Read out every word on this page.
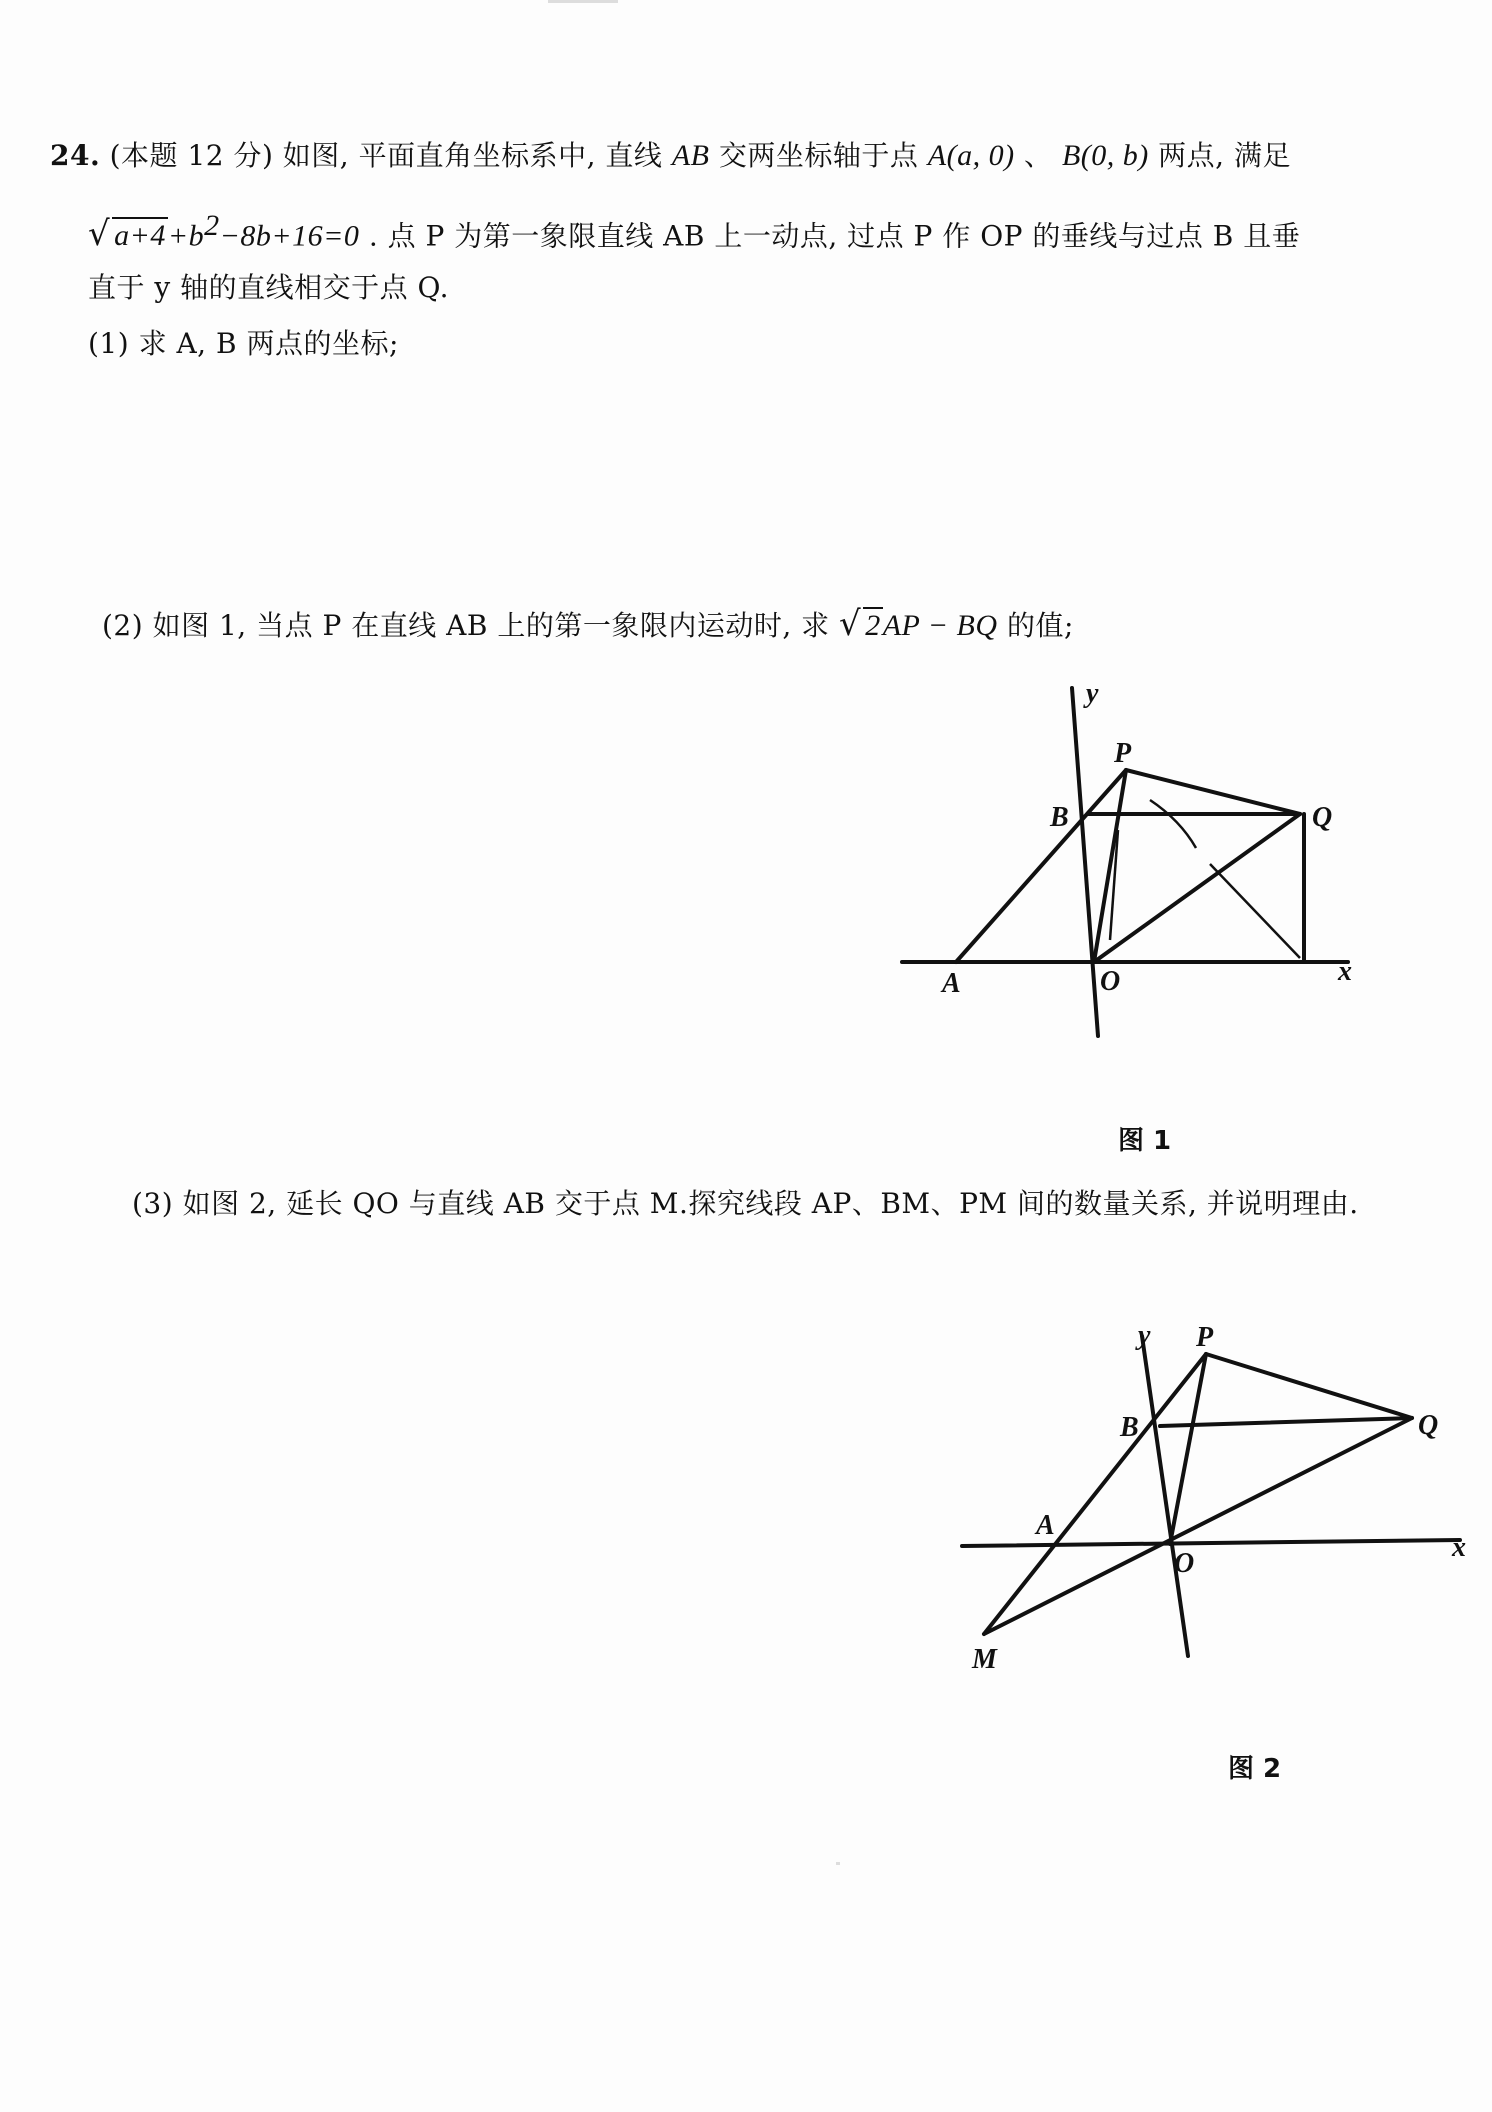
24. (本题 12 分) 如图, 平面直角坐标系中, 直线 AB 交两坐标轴于点 A(a, 0) 、 B(0, b) 两点, 满足
√ $a+4+b^2-8b+16=0$ . 点 P 为第一象限直线 AB 上一动点, 过点 P 作 OP 的垂线与过点 B 且垂
直于 y 轴的直线相交于点 Q.
(1) 求 A, B 两点的坐标;
(2) 如图 1, 当点 P 在直线 AB 上的第一象限内运动时, 求 √ 2AP − BQ 的值;
y
P
B	Q
A	O	x
图 1
(3) 如图 2, 延长 QO 与直线 AB 交于点 M.探究线段 AP、BM、PM 间的数量关系, 并说明理由.
y P
B	Q
A
O
x
M
图 2
